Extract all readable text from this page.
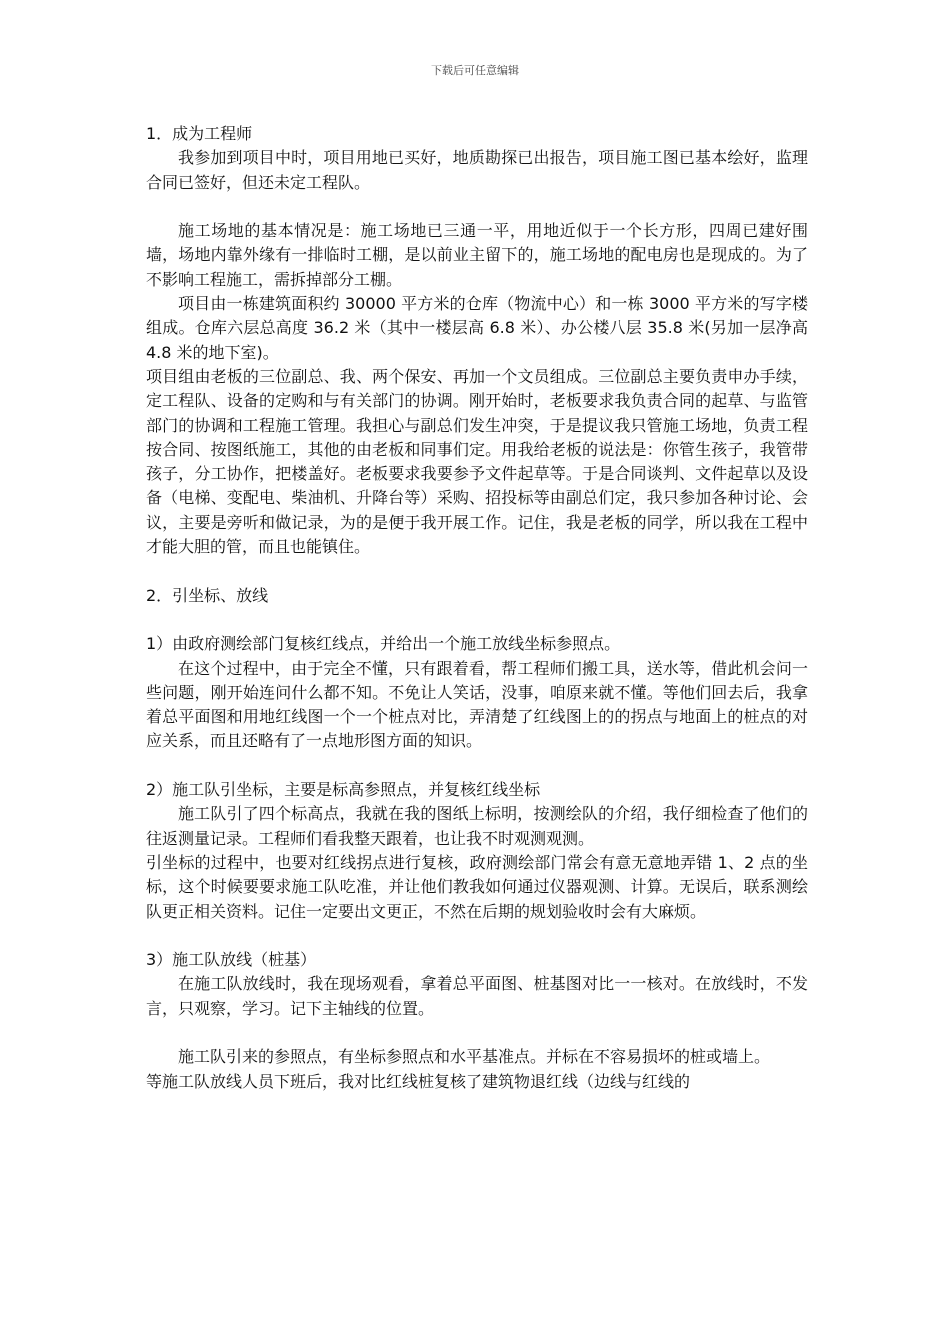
下载后可任意编辑

1．成为工程师

我参加到项目中时，项目用地已买好，地质勘探已出报告，项目施工图已基本绘好，监理合同已签好，但还未定工程队。

施工场地的基本情况是：施工场地已三通一平，用地近似于一个长方形，四周已建好围墙，场地内靠外缘有一排临时工棚，是以前业主留下的，施工场地的配电房也是现成的。为了不影响工程施工，需拆掉部分工棚。

项目由一栋建筑面积约 30000 平方米的仓库（物流中心）和一栋 3000 平方米的写字楼组成。仓库六层总高度 36.2 米（其中一楼层高 6.8 米）、办公楼八层 35.8 米(另加一层净高 4.8 米的地下室)。

项目组由老板的三位副总、我、两个保安、再加一个文员组成。三位副总主要负责申办手续，定工程队、设备的定购和与有关部门的协调。刚开始时，老板要求我负责合同的起草、与监管部门的协调和工程施工管理。我担心与副总们发生冲突，于是提议我只管施工场地，负责工程按合同、按图纸施工，其他的由老板和同事们定。用我给老板的说法是：你管生孩子，我管带孩子，分工协作，把楼盖好。老板要求我要参予文件起草等。于是合同谈判、文件起草以及设备（电梯、变配电、柴油机、升降台等）采购、招投标等由副总们定，我只参加各种讨论、会议，主要是旁听和做记录，为的是便于我开展工作。记住，我是老板的同学，所以我在工程中才能大胆的管，而且也能镇住。

2．引坐标、放线

1）由政府测绘部门复核红线点，并给出一个施工放线坐标参照点。

在这个过程中，由于完全不懂，只有跟着看，帮工程师们搬工具，送水等，借此机会问一些问题，刚开始连问什么都不知。不免让人笑话，没事，咱原来就不懂。等他们回去后，我拿着总平面图和用地红线图一个一个桩点对比，弄清楚了红线图上的的拐点与地面上的桩点的对应关系，而且还略有了一点地形图方面的知识。

2）施工队引坐标，主要是标高参照点，并复核红线坐标

施工队引了四个标高点，我就在我的图纸上标明，按测绘队的介绍，我仔细检查了他们的往返测量记录。工程师们看我整天跟着，也让我不时观测观测。

引坐标的过程中，也要对红线拐点进行复核，政府测绘部门常会有意无意地弄错 1、2 点的坐标，这个时候要要求施工队吃准，并让他们教我如何通过仪器观测、计算。无误后，联系测绘队更正相关资料。记住一定要出文更正，不然在后期的规划验收时会有大麻烦。

3）施工队放线（桩基）

在施工队放线时，我在现场观看，拿着总平面图、桩基图对比一一核对。在放线时，不发言，只观察，学习。记下主轴线的位置。

施工队引来的参照点，有坐标参照点和水平基准点。并标在不容易损坏的桩或墙上。

等施工队放线人员下班后，我对比红线桩复核了建筑物退红线（边线与红线的
